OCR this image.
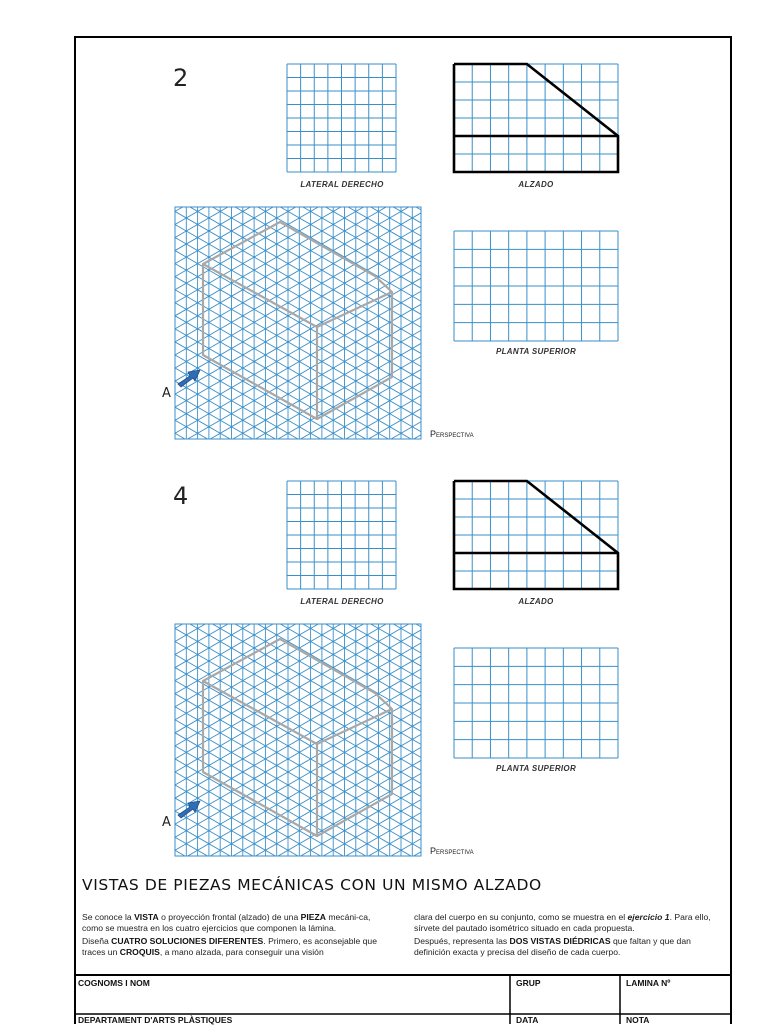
2
LATERAL DERECHO	ALZADO
PLANTA SUPERIOR
Perspectiva
A
4
LATERAL DERECHO	ALZADO
PLANTA SUPERIOR
Perspectiva
A
VISTAS DE PIEZAS MECÁNICAS CON UN MISMO ALZADO

Se conoce la VISTA o proyección frontal (alzado) de una PIEZA mecáni-ca, como se muestra en los cuatro ejercicios que componen la lámina.

Diseña CUATRO SOLUCIONES DIFERENTES. Primero, es aconsejable que traces un CROQUIS, a mano alzada, para conseguir una visión

clara del cuerpo en su conjunto, como se muestra en el ejercicio 1. Para ello, sírvete del pautado isométrico situado en cada propuesta.

Después, representa las DOS VISTAS DIÉDRICAS que faltan y que dan definición exacta y precisa del diseño de cada cuerpo.

COGNOMS I NOM	GRUP	LAMINA Nº
DEPARTAMENT D'ARTS PLÀSTIQUES	DATA	NOTA
